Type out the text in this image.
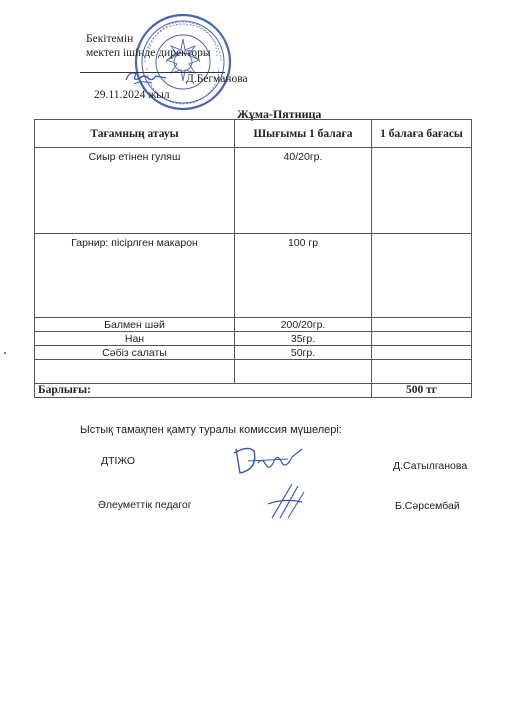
Бекітемін
мектеп ішінде директоры
Д.Бегманова
29.11.2024 жыл
Жұма-Пятница
Тағамның атауы	Шығымы 1 балаға	1 балаға бағасы

Сиыр етінен гуляш	40/20гр.	

Гарнир: пісірлген макарон	100 гр	

Балмен шәй	200/20гр.	

Нан	35гр.	

Сәбіз салаты	50гр.	

Барлығы:		500 тг
Ыстық тамақпен қамту туралы комиссия мүшелері:
ДТІЖО	Д.Сатылганова
Әлеуметтік педагог	Б.Сәрсембай
